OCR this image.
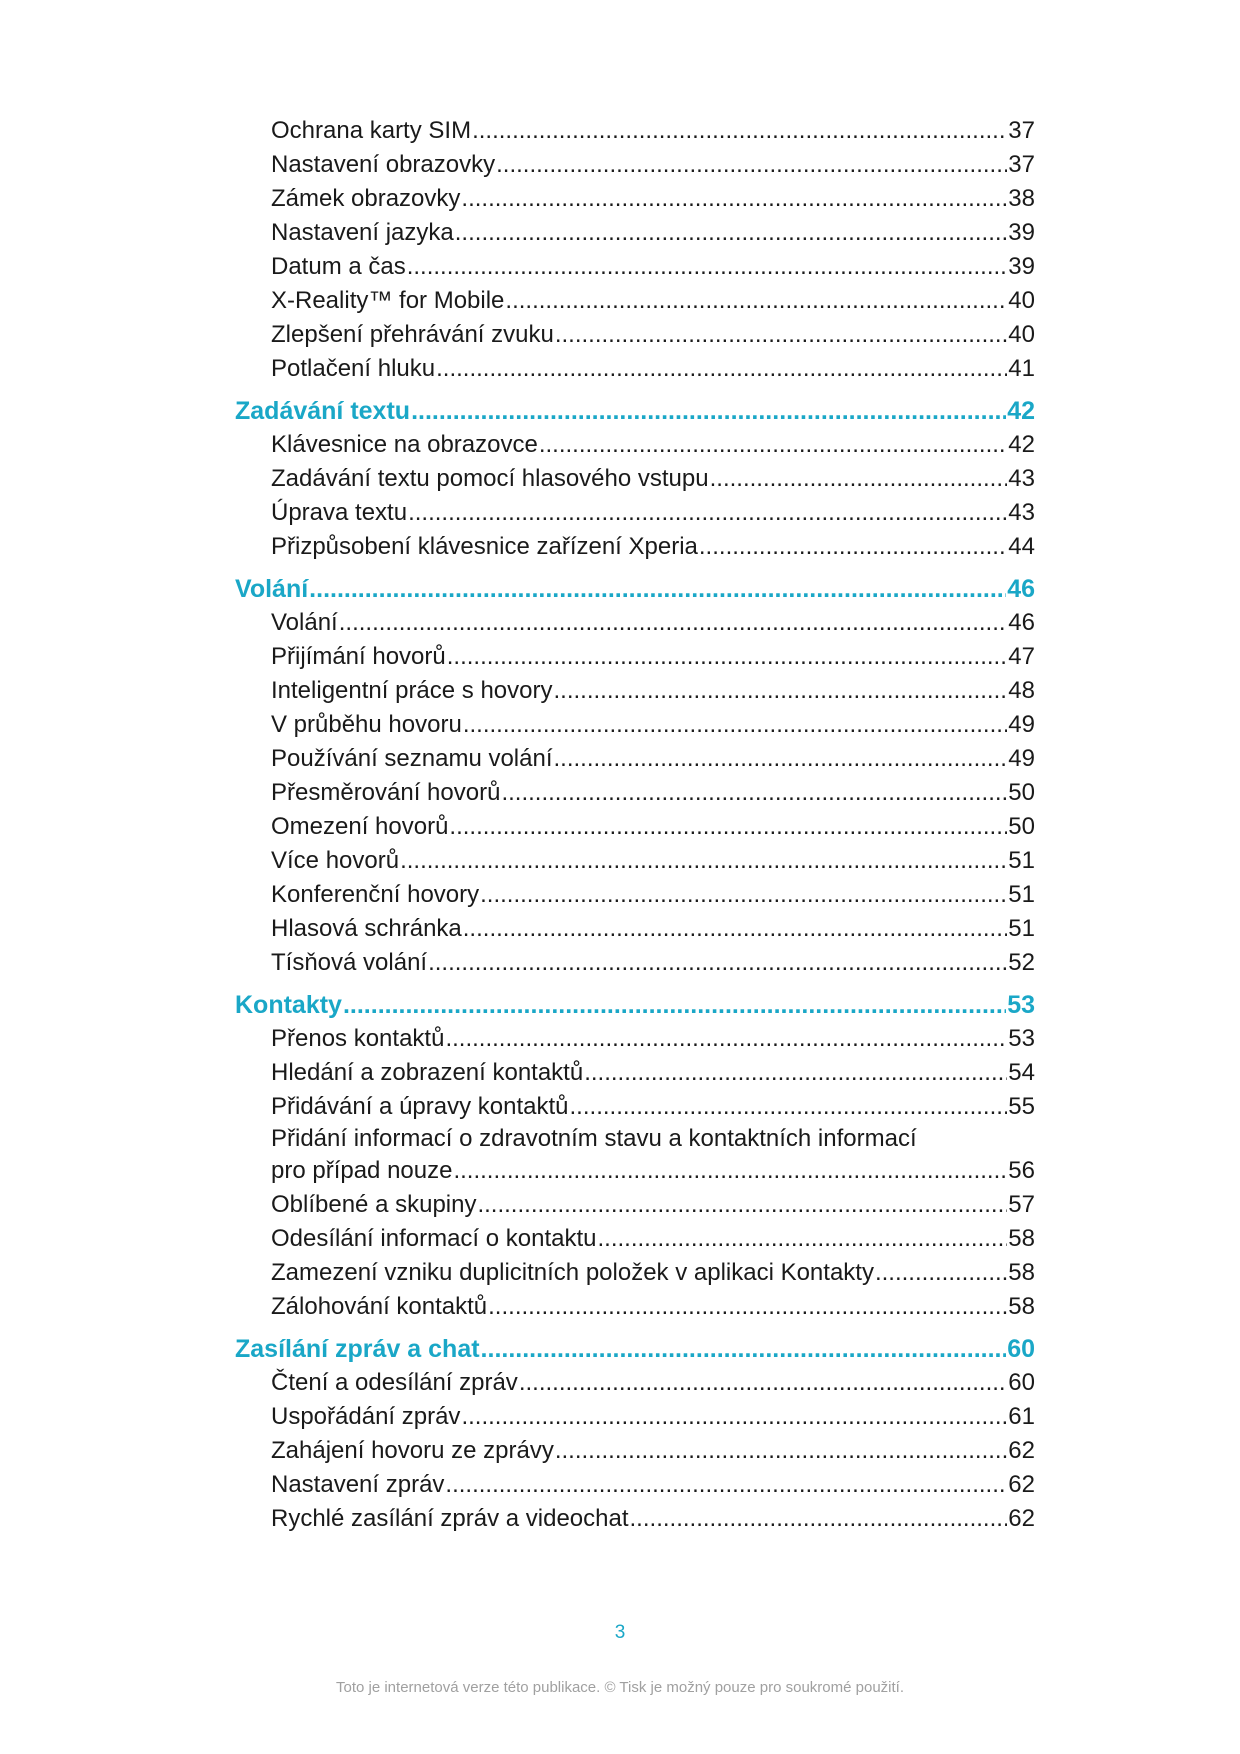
Ochrana karty SIM .....	37
Nastavení obrazovky .....	37
Zámek obrazovky .....	38
Nastavení jazyka .....	39
Datum a čas .....	39
X-Reality™ for Mobile .....	40
Zlepšení přehrávání zvuku .....	40
Potlačení hluku .....	41
Zadávání textu .....	42
Klávesnice na obrazovce .....	42
Zadávání textu pomocí hlasového vstupu .....	43
Úprava textu .....	43
Přizpůsobení klávesnice zařízení Xperia .....	44
Volání .....	46
Volání .....	46
Přijímání hovorů .....	47
Inteligentní práce s hovory .....	48
V průběhu hovoru .....	49
Používání seznamu volání .....	49
Přesměrování hovorů .....	50
Omezení hovorů .....	50
Více hovorů .....	51
Konferenční hovory .....	51
Hlasová schránka .....	51
Tísňová volání .....	52
Kontakty .....	53
Přenos kontaktů .....	53
Hledání a zobrazení kontaktů .....	54
Přidávání a úpravy kontaktů .....	55
Přidání informací o zdravotním stavu a kontaktních informací
pro případ nouze .....	56
Oblíbené a skupiny .....	57
Odesílání informací o kontaktu .....	58
Zamezení vzniku duplicitních položek v aplikaci Kontakty .....	58
Zálohování kontaktů .....	58
Zasílání zpráv a chat .....	60
Čtení a odesílání zpráv .....	60
Uspořádání zpráv .....	61
Zahájení hovoru ze zprávy .....	62
Nastavení zpráv .....	62
Rychlé zasílání zpráv a videochat .....	62
3
Toto je internetová verze této publikace. © Tisk je možný pouze pro soukromé použití.
